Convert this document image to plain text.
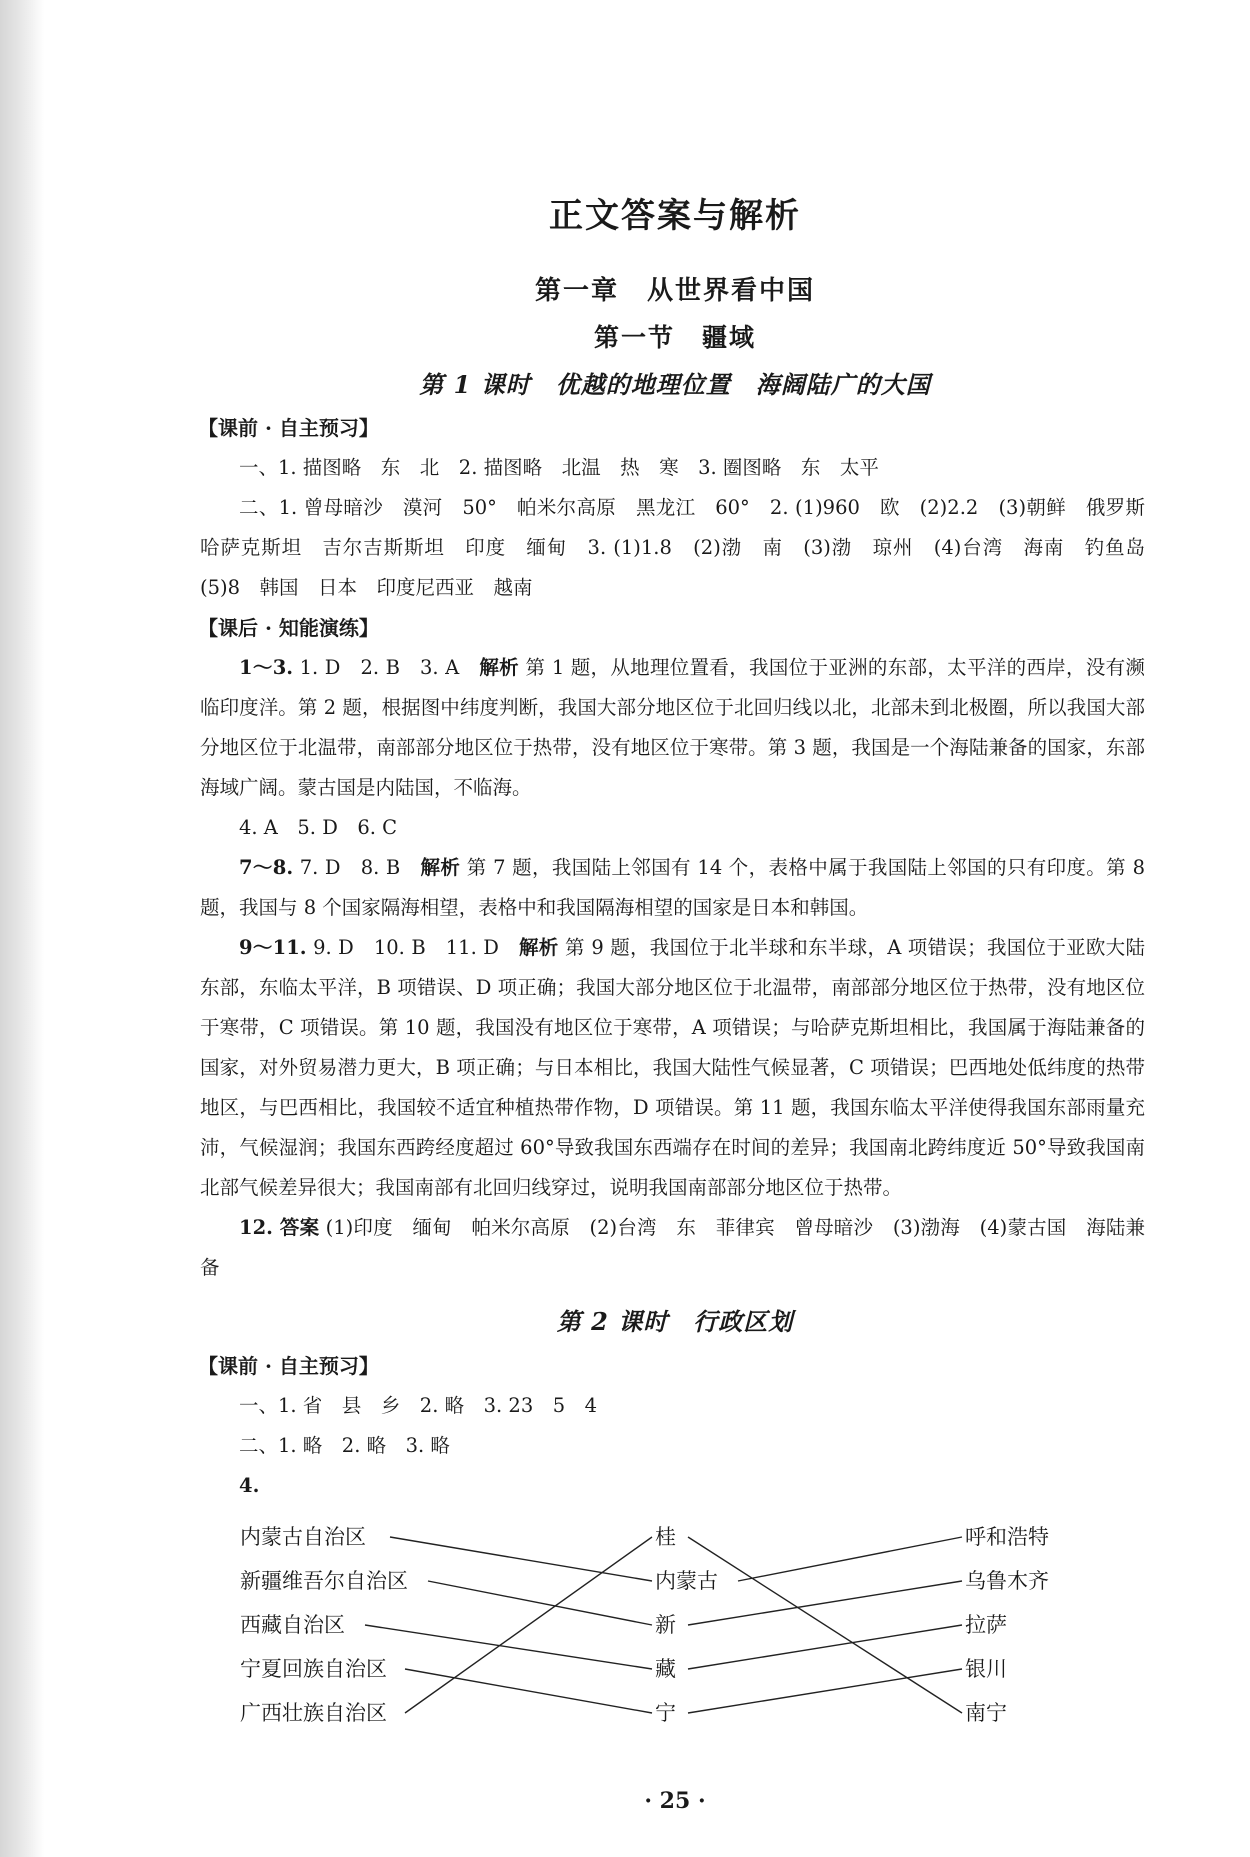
正文答案与解析
第一章　从世界看中国
第一节　疆域
第 1 课时　优越的地理位置　海阔陆广的大国
【课前 · 自主预习】
一、1. 描图略　东　北　2. 描图略　北温　热　寒　3. 圈图略　东　太平
二、1. 曾母暗沙　漠河　50°　帕米尔高原　黑龙江　60°　2. (1)960　欧　(2)2.2　(3)朝鲜　俄罗斯　哈萨克斯坦　吉尔吉斯斯坦　印度　缅甸　3. (1)1.8　(2)渤　南　(3)渤　琼州　(4)台湾　海南　钓鱼岛　(5)8　韩国　日本　印度尼西亚　越南
【课后 · 知能演练】
1～3. 1. D　2. B　3. A　解析 第 1 题，从地理位置看，我国位于亚洲的东部，太平洋的西岸，没有濒临印度洋。第 2 题，根据图中纬度判断，我国大部分地区位于北回归线以北，北部未到北极圈，所以我国大部分地区位于北温带，南部部分地区位于热带，没有地区位于寒带。第 3 题，我国是一个海陆兼备的国家，东部海域广阔。蒙古国是内陆国，不临海。
4. A　5. D　6. C
7～8. 7. D　8. B　解析 第 7 题，我国陆上邻国有 14 个，表格中属于我国陆上邻国的只有印度。第 8 题，我国与 8 个国家隔海相望，表格中和我国隔海相望的国家是日本和韩国。
9～11. 9. D　10. B　11. D　解析 第 9 题，我国位于北半球和东半球，A 项错误；我国位于亚欧大陆东部，东临太平洋，B 项错误、D 项正确；我国大部分地区位于北温带，南部部分地区位于热带，没有地区位于寒带，C 项错误。第 10 题，我国没有地区位于寒带，A 项错误；与哈萨克斯坦相比，我国属于海陆兼备的国家，对外贸易潜力更大，B 项正确；与日本相比，我国大陆性气候显著，C 项错误；巴西地处低纬度的热带地区，与巴西相比，我国较不适宜种植热带作物，D 项错误。第 11 题，我国东临太平洋使得我国东部雨量充沛，气候湿润；我国东西跨经度超过 60°导致我国东西端存在时间的差异；我国南北跨纬度近 50°导致我国南北部气候差异很大；我国南部有北回归线穿过，说明我国南部部分地区位于热带。
12. 答案 (1)印度　缅甸　帕米尔高原　(2)台湾　东　菲律宾　曾母暗沙　(3)渤海　(4)蒙古国　海陆兼备
第 2 课时　行政区划
【课前 · 自主预习】
一、1. 省　县　乡　2. 略　3. 23　5　4
二、1. 略　2. 略　3. 略
4.
内蒙古自治区
新疆维吾尔自治区
西藏自治区
宁夏回族自治区
广西壮族自治区
桂
内蒙古
新
藏
宁
呼和浩特
乌鲁木齐
拉萨
银川
南宁
· 25 ·
